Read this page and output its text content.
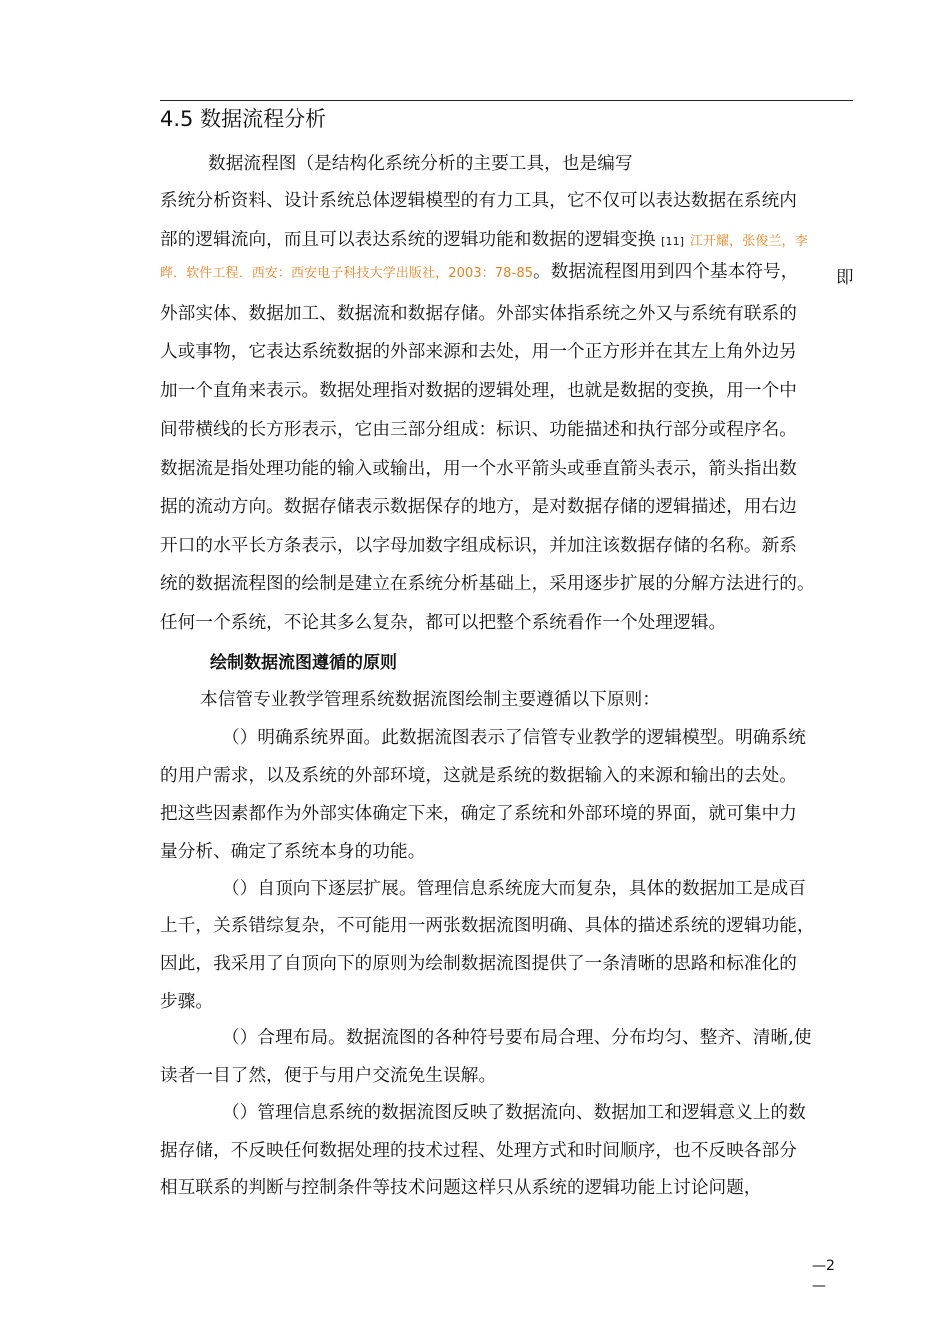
4.5 数据流程分析
数据流程图（是结构化系统分析的主要工具，也是编写
系统分析资料、设计系统总体逻辑模型的有力工具，它不仅可以表达数据在系统内
部的逻辑流向，而且可以表达系统的逻辑功能和数据的逻辑变换 [11] 江开耀，张俊兰，李
晔．软件工程．西安：西安电子科技大学出版社，2003：78-85。数据流程图用到四个基本符号， 即
外部实体、数据加工、数据流和数据存储。外部实体指系统之外又与系统有联系的
人或事物，它表达系统数据的外部来源和去处，用一个正方形并在其左上角外边另
加一个直角来表示。数据处理指对数据的逻辑处理，也就是数据的变换，用一个中
间带横线的长方形表示，它由三部分组成：标识、功能描述和执行部分或程序名。
数据流是指处理功能的输入或输出，用一个水平箭头或垂直箭头表示，箭头指出数
据的流动方向。数据存储表示数据保存的地方，是对数据存储的逻辑描述，用右边
开口的水平长方条表示，以字母加数字组成标识，并加注该数据存储的名称。新系
统的数据流程图的绘制是建立在系统分析基础上，采用逐步扩展的分解方法进行的。
任何一个系统，不论其多么复杂，都可以把整个系统看作一个处理逻辑。
绘制数据流图遵循的原则
本信管专业教学管理系统数据流图绘制主要遵循以下原则：
（）明确系统界面。此数据流图表示了信管专业教学的逻辑模型。明确系统
的用户需求，以及系统的外部环境，这就是系统的数据输入的来源和输出的去处。
把这些因素都作为外部实体确定下来，确定了系统和外部环境的界面，就可集中力
量分析、确定了系统本身的功能。
（）自顶向下逐层扩展。管理信息系统庞大而复杂，具体的数据加工是成百
上千，关系错综复杂，不可能用一两张数据流图明确、具体的描述系统的逻辑功能，
因此，我采用了自顶向下的原则为绘制数据流图提供了一条清晰的思路和标准化的
步骤。
（）合理布局。数据流图的各种符号要布局合理、分布均匀、整齐、清晰,使
读者一目了然，便于与用户交流免生误解。
（）管理信息系统的数据流图反映了数据流向、数据加工和逻辑意义上的数
据存储，不反映任何数据处理的技术过程、处理方式和时间顺序，也不反映各部分
相互联系的判断与控制条件等技术问题这样只从系统的逻辑功能上讨论问题，
—2
—
